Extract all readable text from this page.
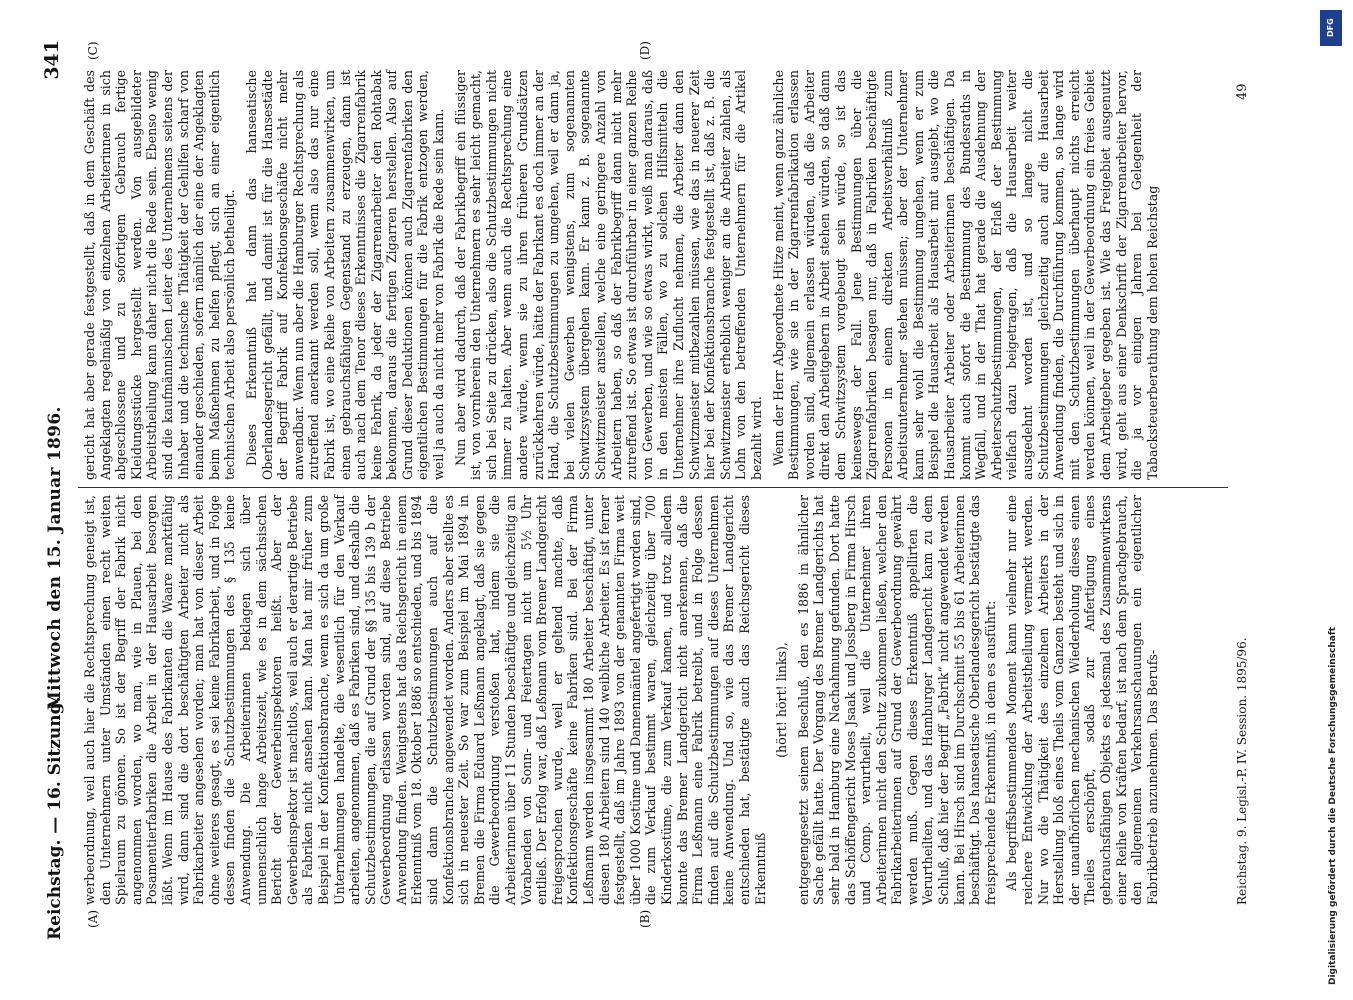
Reichstag. — 16. Sitzung.
Mittwoch den 15. Januar 1896.
341
(A)	(B)
(C)	(D)

werbeordnung, weil auch hier die Rechtsprechung geneigt ist, den Unternehmern unter Umständen einen recht weiten Spielraum zu gönnen. So ist der Begriff der Fabrik nicht angenommen worden, wo man, wie in Plauen, bei den Posamentierfabriken die Arbeit in der Hausarbeit besorgen läßt. Wenn im Hause des Fabrikanten die Waare marktfähig wird, dann sind die dort beschäftigten Arbeiter nicht als Fabrikarbeiter angesehen worden; man hat von dieser Arbeit ohne weiteres gesagt, es sei keine Fabrikarbeit, und in Folge dessen finden die Schutzbestimmungen des § 135 keine Anwendung. Die Arbeiterinnen beklagen sich über unmenschlich lange Arbeitszeit, wie es in dem sächsischen Bericht der Gewerbeinspektoren heißt. Aber der Gewerbeinspektor ist machtlos, weil auch er derartige Betriebe als Fabriken nicht ansehen kann. Man hat mir früher zum Beispiel in der Konfektionsbranche, wenn es sich da um große Unternehmungen handelte, die wesentlich für den Verkauf arbeiten, angenommen, daß es Fabriken sind, und deshalb die Schutzbestimmungen, die auf Grund der §§ 135 bis 139 b der Gewerbeordnung erlassen worden sind, auf diese Betriebe Anwendung finden. Wenigstens hat das Reichsgericht in einem Erkenntniß vom 18. Oktober 1886 so entschieden, und bis 1894 sind dann die Schutzbestimmungen auch auf die Konfektionsbranche angewendet worden. Anders aber stellte es sich in neuester Zeit. So war zum Beispiel im Mai 1894 in Bremen die Firma Eduard Leßmann angeklagt, daß sie gegen die Gewerbeordnung verstoßen hat, indem sie die Arbeiterinnen über 11 Stunden beschäftigte und gleichzeitig an Vorabenden von Sonn- und Feiertagen nicht um 5½ Uhr entließ. Der Erfolg war, daß Leßmann vom Bremer Landgericht freigesprochen wurde, weil er geltend machte, daß Konfektionsgeschäfte keine Fabriken sind. Bei der Firma Leßmann werden insgesammt 180 Arbeiter beschäftigt, unter diesen 180 Arbeitern sind 140 weibliche Arbeiter. Es ist ferner festgestellt, daß im Jahre 1893 von der genannten Firma weit über 1000 Kostüme und Damenmäntel angefertigt worden sind, die zum Verkauf bestimmt waren, gleichzeitig über 700 Kinderkostüme, die zum Verkauf kamen, und trotz alledem konnte das Bremer Landgericht nicht anerkennen, daß die Firma Leßmann eine Fabrik betreibt, und in Folge dessen finden auf die Schutzbestimmungen auf dieses Unternehmen keine Anwendung. Und so, wie das Bremer Landgericht entschieden hat, bestätigte auch das Reichsgericht dieses Erkenntniß

(hört! hört! links), entgegengesetzt seinem Beschluß, den es 1886 in ähnlicher Sache gefällt hatte. Der Vorgang des Bremer Landgerichts hat sehr bald in Hamburg eine Nachahmung gefunden. Dort hatte das Schöffengericht Moses Jsaak und Jossberg in Firma Hirsch und Comp. verurtheilt, weil die Unternehmer ihren Arbeiterinnen nicht den Schutz zukommen ließen, welcher den Fabrikarbeiterinnen auf Grund der Gewerbeordnung gewährt werden muß. Gegen dieses Erkenntniß appellirten die Verurtheilten, und das Hamburger Landgericht kam zu dem Schluß, daß hier der Begriff „Fabrik“ nicht angewendet werden kann. Bei Hirsch sind im Durchschnitt 55 bis 61 Arbeiterinnen beschäftigt. Das hanseatische Oberlandesgericht bestätigte das freisprechende Erkenntniß, in dem es ausführt: Als begriffsbestimmendes Moment kann vielmehr nur eine reichere Entwicklung der Arbeitstheilung vermerkt werden. Nur wo die Thätigkeit des einzelnen Arbeiters in der Herstellung bloß eines Theils vom Ganzen besteht und sich in der unaufhörlichen mechanischen Wiederholung dieses einen Theiles erschöpft, sodaß zur Anfertigung eines gebrauchsfähigen Objekts es jedesmal des Zusammenwirkens einer Reihe von Kräften bedarf, ist nach dem Sprachgebrauch, den allgemeinen Verkehrsanschauungen ein eigentlicher Fabrikbetrieb anzunehmen. Das Berufs-

gericht hat aber gerade festgestellt, daß in dem Geschäft des Angeklagten regelmäßig von einzelnen Arbeiterinnen in sich abgeschlossene und zu sofortigem Gebrauch fertige Kleidungsstücke hergestellt werden. Von ausgebildeter Arbeitstheilung kann daher nicht die Rede sein. Ebenso wenig sind die kaufmännischen Leiter des Unternehmens seitens der Inhaber und die technische Thätigkeit der Gehilfen scharf von einander geschieden, sofern nämlich der eine der Angeklagten beim Maßnehmen zu helfen pflegt, sich an einer eigentlich technischen Arbeit also persönlich betheiligt. Dieses Erkenntniß hat dann das hanseatische Oberlandesgericht gefällt, und damit ist für die Hansestädte der Begriff Fabrik auf Konfektionsgeschäfte nicht mehr anwendbar. Wenn nun aber die Hamburger Rechtsprechung als zutreffend anerkannt werden soll, wenn also das nur eine Fabrik ist, wo eine Reihe von Arbeitern zusammenwirken, um einen gebrauchsfähigen Gegenstand zu erzeugen, dann ist auch nach dem Tenor dieses Erkenntnisses die Zigarrenfabrik keine Fabrik, da jeder der Zigarrenarbeiter den Rohtabak bekommen, daraus die fertigen Zigarren herstellen. Also auf Grund dieser Deduktionen können auch Zigarrenfabriken den eigentlichen Bestimmungen für die Fabrik entzogen werden, weil ja auch da nicht mehr von Fabrik die Rede sein kann. Nun aber wird dadurch, daß der Fabrikbegriff ein flüssiger ist, von vornherein den Unternehmern es sehr leicht gemacht, sich bei Seite zu drücken, also die Schutzbestimmungen nicht immer zu halten. Aber wenn auch die Rechtsprechung eine andere würde, wenn sie zu ihren früheren Grundsätzen zurückkehren würde, hätte der Fabrikant es doch immer an der Hand, die Schutzbestimmungen zu umgehen, weil er dann ja, bei vielen Gewerben wenigstens, zum sogenannten Schwitzsystem übergehen kann. Er kann z. B. sogenannte Schwitzmeister anstellen, welche eine geringere Anzahl von Arbeitern haben, so daß der Fabrikbegriff dann nicht mehr zutreffend ist. So etwas ist durchführbar in einer ganzen Reihe von Gewerben, und wie so etwas wirkt, weiß man daraus, daß in den meisten Fällen, wo zu solchen Hilfsmitteln die Unternehmer ihre Zuflucht nehmen, die Arbeiter dann den Schwitzmeister mitbezahlen müssen, wie das in neuerer Zeit hier bei der Konfektionsbranche festgestellt ist, daß z. B. die Schwitzmeister erheblich weniger an die Arbeiter zahlen, als Lohn von den betreffenden Unternehmern für die Artikel bezahlt wird. Wenn der Herr Abgeordnete Hitze meint, wenn ganz ähnliche Bestimmungen, wie sie in der Zigarrenfabrikation erlassen worden sind, allgemein erlassen würden, daß die Arbeiter direkt den Arbeitgebern in Arbeit stehen würden, so daß dann dem Schwitzsystem vorgebeugt sein würde, so ist das keineswegs der Fall. Jene Bestimmungen über die Zigarrenfabriken besagen nur, daß in Fabriken beschäftigte Personen in einem direkten Arbeitsverhältniß zum Arbeitsunternehmer stehen müssen; aber der Unternehmer kann sehr wohl die Bestimmung umgehen, wenn er zum Beispiel die Hausarbeit als Hausarbeit mit ausgiebt, wo die Hausarbeiter Arbeiter oder Arbeiterinnen beschäftigen. Da kommt auch sofort die Bestimmung des Bundesraths in Wegfall, und in der That hat gerade die Ausdehnung der Arbeiterschutzbestimmungen, der Erlaß der Bestimmung vielfach dazu beigetragen, daß die Hausarbeit weiter ausgedehnt worden ist, und so lange nicht die Schutzbestimmungen gleichzeitig auch auf die Hausarbeit Anwendung finden, die Durchführung kommen, so lange wird mit den Schutzbestimmungen überhaupt nichts erreicht werden können, weil in der Gewerbeordnung ein freies Gebiet dem Arbeitgeber gegeben ist. Wie das Freigebiet ausgenutzt wird, geht aus einer Denkschrift der Zigarrenarbeiter hervor, die ja vor einigen Jahren bei Gelegenheit der Tabacksteuerberathung dem hohen Reichstag

Reichstag. 9. Legisl.-P. IV. Session. 1895/96.
49
DFG
Digitalisierung gefördert durch die Deutsche Forschungsgemeinschaft
